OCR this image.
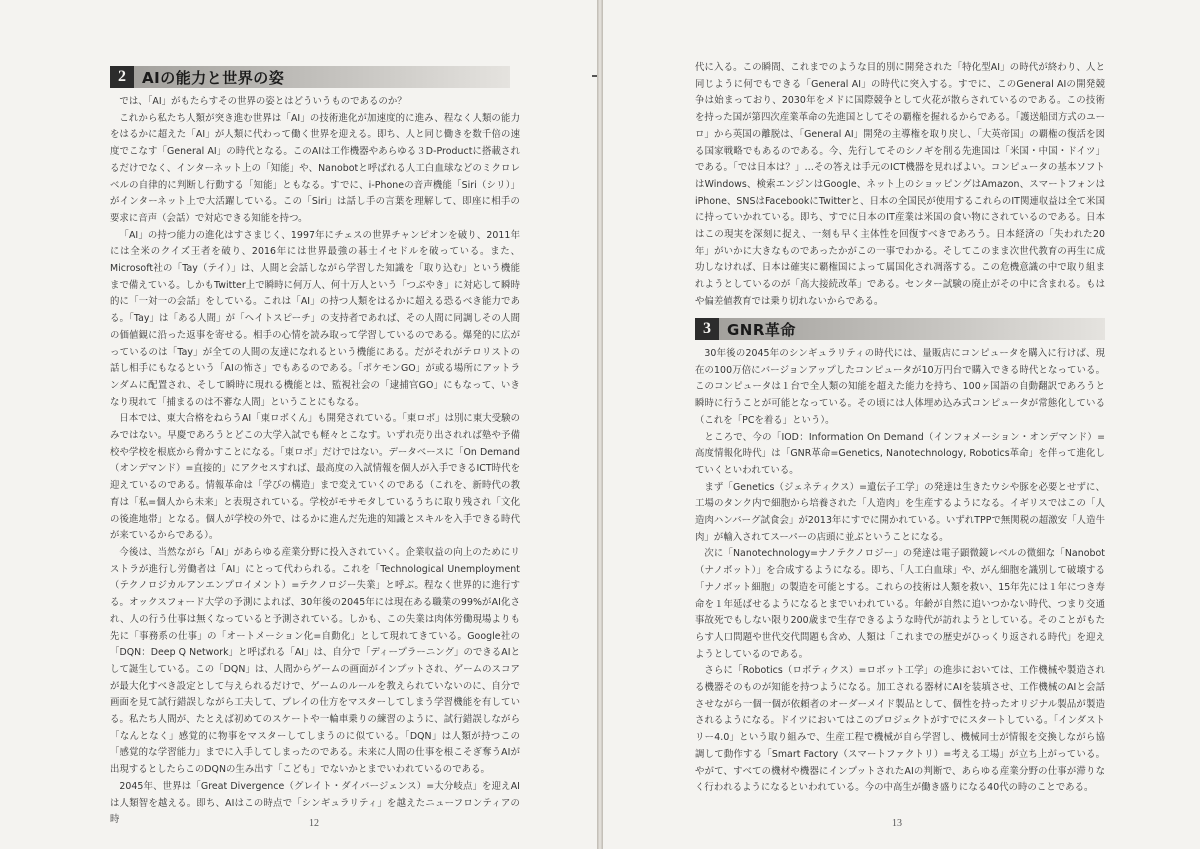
2	AIの能力と世界の姿

では、「AI」がもたらすその世界の姿とはどういうものであるのか？

これから私たち人類が突き進む世界は「AI」の技術進化が加速度的に進み、程なく人類の能力をはるかに超えた「AI」が人類に代わって働く世界を迎える。即ち、人と同じ働きを数千倍の速度でこなす「General AI」の時代となる。このAIは工作機器やあらゆる３D-Productに搭載されるだけでなく、インターネット上の「知能」や、Nanobotと呼ばれる人工白血球などのミクロレベルの自律的に判断し行動する「知能」ともなる。すでに、i-Phoneの音声機能「Siri（シリ）」がインターネット上で大活躍している。この「Siri」は話し手の言葉を理解して、即座に相手の要求に音声（会話）で対応できる知能を持つ。

「AI」の持つ能力の進化はすさまじく、1997年にチェスの世界チャンピオンを破り、2011年には全米のクイズ王者を破り、2016年には世界最強の碁士イセドルを破っている。また、Microsoft社の「Tay（テイ）」は、人間と会話しながら学習した知識を「取り込む」という機能まで備えている。しかもTwitter上で瞬時に何万人、何十万人という「つぶやき」に対応して瞬時的に「一対一の会話」をしている。これは「AI」の持つ人類をはるかに超える恐るべき能力である。「Tay」は「ある人間」が「ヘイトスピーチ」の支持者であれば、その人間に同調しその人間の価値観に沿った返事を寄せる。相手の心情を読み取って学習しているのである。爆発的に広がっているのは「Tay」が全ての人間の友達になれるという機能にある。だがそれがテロリストの話し相手にもなるという「AIの怖さ」でもあるのである。「ポケモンGO」が或る場所にアットランダムに配置され、そして瞬時に現れる機能とは、監視社会の「逮捕官GO」にもなって、いきなり現れて「捕まるのは不審な人間」ということにもなる。

日本では、東大合格をねらうAI「東ロボくん」も開発されている。「東ロボ」は別に東大受験のみではない。早慶であろうとどこの大学入試でも軽々とこなす。いずれ売り出されれば塾や予備校や学校を根底から脅かすことになる。「東ロボ」だけではない。データベースに「On Demand（オンデマンド）=直接的」にアクセスすれば、最高度の入試情報を個人が入手できるICT時代を迎えているのである。情報革命は「学びの構造」まで変えていくのである（これを、新時代の教育は「私=個人から未来」と表現されている。学校がモサモタしているうちに取り残され「文化の後進地帯」となる。個人が学校の外で、はるかに進んだ先進的知識とスキルを入手できる時代が来ているからである）。

今後は、当然ながら「AI」があらゆる産業分野に投入されていく。企業収益の向上のためにリストラが進行し労働者は「AI」にとって代わられる。これを「Technological Unemployment（テクノロジカルアンエンプロイメント）=テクノロジー失業」と呼ぶ。程なく世界的に進行する。オックスフォード大学の予測によれば、30年後の2045年には現在ある職業の99%がAI化され、人の行う仕事は無くなっていると予測されている。しかも、この失業は肉体労働現場よりも先に「事務系の仕事」の「オートメーション化=自動化」として現れてきている。Google社の「DQN：Deep Q Network」と呼ばれる「AI」は、自分で「ディープラーニング」のできるAIとして誕生している。この「DQN」は、人間からゲームの画面がインプットされ、ゲームのスコアが最大化すべき設定として与えられるだけで、ゲームのルールを教えられていないのに、自分で画面を見て試行錯誤しながら工夫して、プレイの仕方をマスターしてしまう学習機能を有している。私たち人間が、たとえば初めてのスケートや一輪車乗りの練習のように、試行錯誤しながら「なんとなく」感覚的に物事をマスターしてしまうのに似ている。「DQN」は人類が持つこの「感覚的な学習能力」までに入手してしまったのである。未来に人間の仕事を根こそぎ奪うAIが出現するとしたらこのDQNの生み出す「こども」でないかとまでいわれているのである。

2045年、世界は「Great Divergence（グレイト・ダイバージェンス）=大分岐点」を迎えAIは人類智を越える。即ち、AIはこの時点で「シンギュラリティ」を越えたニューフロンティアの時	12

代に入る。この瞬間、これまでのような目的別に開発された「特化型AI」の時代が終わり、人と同じように何でもできる「General AI」の時代に突入する。すでに、このGeneral AIの開発競争は始まっており、2030年をメドに国際競争として火花が散らされているのである。この技術を持った国が第四次産業革命の先進国としてその覇権を握れるからである。「護送船団方式のユーロ」から英国の離脱は、「General AI」開発の主導権を取り戻し、「大英帝国」の覇権の復活を図る国家戦略でもあるのである。今、先行してそのシノギを削る先進国は「米国・中国・ドイツ」である。「では日本は？」…その答えは手元のICT機器を見ればよい。コンピュータの基本ソフトはWindows、検索エンジンはGoogle、ネット上のショッピングはAmazon、スマートフォンはiPhone、SNSはFacebookにTwitterと、日本の全国民が使用するこれらのIT関連収益は全て米国に持っていかれている。即ち、すでに日本のIT産業は米国の食い物にされているのである。日本はこの現実を深刻に捉え、一刻も早く主体性を回復すべきであろう。日本経済の「失われた20年」がいかに大きなものであったかがこの一事でわかる。そしてこのまま次世代教育の再生に成功しなければ、日本は確実に覇権国によって属国化され凋落する。この危機意識の中で取り組まれようとしているのが「高大接続改革」である。センター試験の廃止がその中に含まれる。もはや偏差値教育では乗り切れないからである。

3	GNR革命

30年後の2045年のシンギュラリティの時代には、量販店にコンピュータを購入に行けば、現在の100万倍にバージョンアップしたコンピュータが10万円台で購入できる時代となっている。このコンピュータは１台で全人類の知能を超えた能力を持ち、100ヶ国語の自動翻訳であろうと瞬時に行うことが可能となっている。その頃には人体埋め込み式コンピュータが常態化している（これを「PCを着る」という）。

ところで、今の「IOD：Information On Demand（インフォメーション・オンデマンド）=高度情報化時代」は「GNR革命=Genetics, Nanotechnology, Robotics革命」を伴って進化していくといわれている。

まず「Genetics（ジェネティクス）=遺伝子工学」の発達は生きたウシや豚を必要とせずに、工場のタンク内で細胞から培養された「人造肉」を生産するようになる。イギリスではこの「人造肉ハンバーグ試食会」が2013年にすでに開かれている。いずれTPPで無関税の超激安「人造牛肉」が輸入されてスーパーの店頭に並ぶということになる。

次に「Nanotechnology=ナノテクノロジー」の発達は電子顕微鏡レベルの微細な「Nanobot（ナノボット）」を合成するようになる。即ち、「人工白血球」や、がん細胞を識別して破壊する「ナノボット細胞」の製造を可能とする。これらの技術は人類を救い、15年先には１年につき寿命を１年延ばせるようになるとまでいわれている。年齢が自然に追いつかない時代、つまり交通事故死でもしない限り200歳まで生存できるような時代が訪れようとしている。そのことがもたらす人口問題や世代交代問題も含め、人類は「これまでの歴史がひっくり返される時代」を迎えようとしているのである。

さらに「Robotics（ロボティクス）=ロボット工学」の進歩においては、工作機械や製造される機器そのものが知能を持つようになる。加工される器材にAIを装填させ、工作機械のAIと会話させながら一個一個が依頼者のオーダーメイド製品として、個性を持ったオリジナル製品が製造されるようになる。ドイツにおいてはこのプロジェクトがすでにスタートしている。「インダストリー4.0」という取り組みで、生産工程で機械が自ら学習し、機械同士が情報を交換しながら協調して動作する「Smart Factory（スマートファクトリ）=考える工場」が立ち上がっている。やがて、すべての機材や機器にインプットされたAIの判断で、あらゆる産業分野の仕事が滞りなく行われるようになるといわれている。今の中高生が働き盛りになる40代の時のことである。

13
